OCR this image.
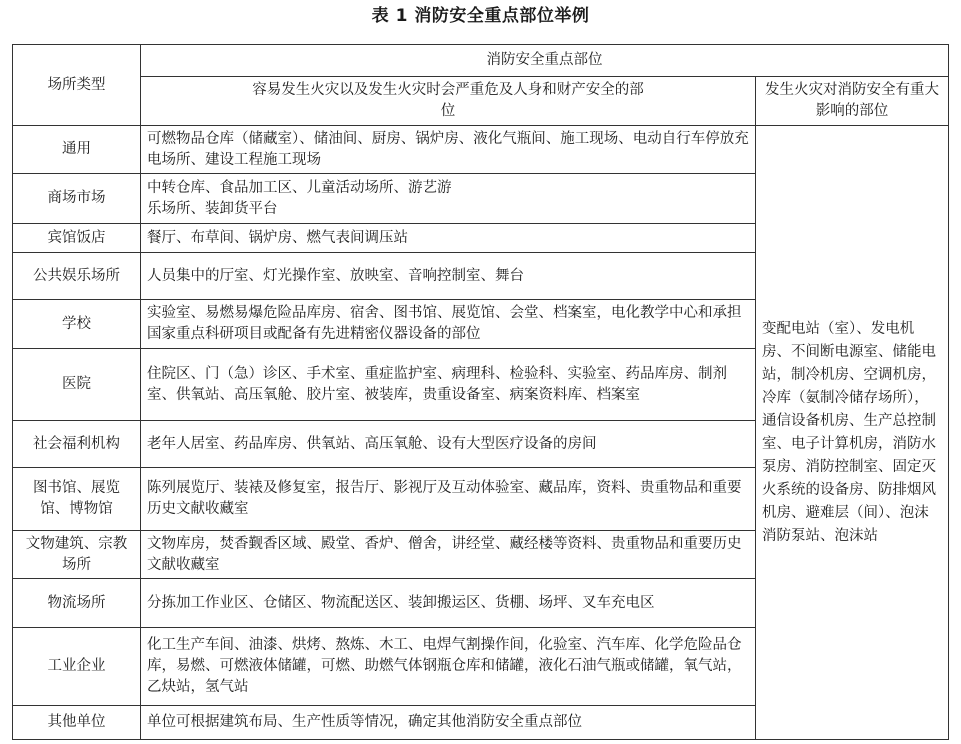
表 1 消防安全重点部位举例
场所类型	消防安全重点部位	
	容易发生火灾以及发生火灾时会严重危及人身和财产安全的部位	发生火灾对消防安全有重大影响的部位
通用	可燃物品仓库（储藏室）、储油间、厨房、锅炉房、液化气瓶间、施工现场、电动自行车停放充电场所、建设工程施工现场	变配电站（室）、发电机房、不间断电源室、储能电站，制冷机房、空调机房，冷库（氨制冷储存场所），通信设备机房、生产总控制室、电子计算机房，消防水泵房、消防控制室、固定灭火系统的设备房、防排烟风机房、避难层（间）、泡沫消防泵站、泡沫站
商场市场	中转仓库、食品加工区、儿童活动场所、游艺游乐场所、装卸货平台	
宾馆饭店	餐厅、布草间、锅炉房、燃气表间调压站	
公共娱乐场所	人员集中的厅室、灯光操作室、放映室、音响控制室、舞台	
学校	实验室、易燃易爆危险品库房、宿舍、图书馆、展览馆、会堂、档案室，电化教学中心和承担国家重点科研项目或配备有先进精密仪器设备的部位	
医院	住院区、门（急）诊区、手术室、重症监护室、病理科、检验科、实验室、药品库房、制剂室、供氧站、高压氧舱、胶片室、被装库，贵重设备室、病案资料库、档案室	
社会福利机构	老年人居室、药品库房、供氧站、高压氧舱、设有大型医疗设备的房间	
图书馆、展览馆、博物馆	陈列展览厅、装裱及修复室，报告厅、影视厅及互动体验室、藏品库，资料、贵重物品和重要历史文献收藏室	
文物建筑、宗教场所	文物库房，焚香觐香区域、殿堂、香炉、僧舍，讲经堂、藏经楼等资料、贵重物品和重要历史文献收藏室	
物流场所	分拣加工作业区、仓储区、物流配送区、装卸搬运区、货棚、场坪、叉车充电区	
工业企业	化工生产车间、油漆、烘烤、熬炼、木工、电焊气割操作间，化验室、汽车库、化学危险品仓库，易燃、可燃液体储罐，可燃、助燃气体钢瓶仓库和储罐，液化石油气瓶或储罐，氧气站，乙炔站，氢气站	
其他单位	单位可根据建筑布局、生产性质等情况，确定其他消防安全重点部位	
